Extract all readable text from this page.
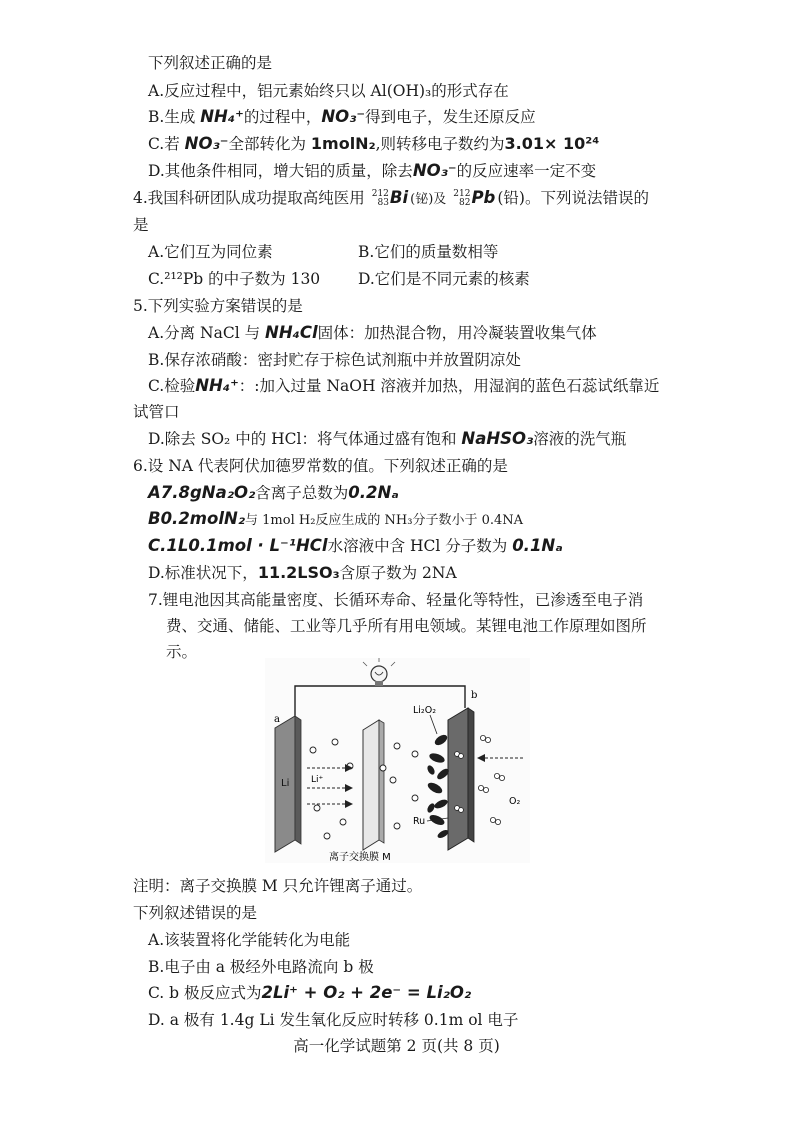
下列叙述正确的是
A.反应过程中，铝元素始终只以 Al(OH)₃的形式存在
B.生成 NH₄⁺的过程中，NO₃⁻得到电子，发生还原反应
C.若 NO₃⁻全部转化为 1molN₂,则转移电子数约为3.01× 10²⁴
D.其他条件相同，增大铝的质量，除去NO₃⁻的反应速率一定不变
4.我国科研团队成功提取高纯医用 212
83 Bi (铋)及 212
82 Pb (铅)。下列说法错误的
是
A.它们互为同位素	B.它们的质量数相等
C.²¹²Pb 的中子数为 130 D.它们是不同元素的核素
5.下列实验方案错误的是
A.分离 NaCl 与 NH₄Cl固体：加热混合物，用冷凝装置收集气体
B.保存浓硝酸：密封贮存于棕色试剂瓶中并放置阴凉处
C.检验NH₄⁺：:加入过量 NaOH 溶液并加热，用湿润的蓝色石蕊试纸靠近
试管口
D.除去 SO₂ 中的 HCl：将气体通过盛有饱和 NaHSO₃溶液的洗气瓶
6.设 NA 代表阿伏加德罗常数的值。下列叙述正确的是
A7.8gNa₂O₂含离子总数为0.2Nₐ
B0.2molN₂与 1mol H₂反应生成的 NH₃分子数小于 0.4NA
C.1L0.1mol · L⁻¹HCl水溶液中含 HCl 分子数为 0.1Nₐ
D.标准状况下，11.2LSO₃含原子数为 2NA
7.锂电池因其高能量密度、长循环寿命、轻量化等特性，已渗透至电子消
费、交通、储能、工业等几乎所有用电领域。某锂电池工作原理如图所
示。
a
Li
b
Li₂O₂
Ru
Li⁺
O₂
离子交换膜 M
注明：离子交换膜 M 只允许锂离子通过。
下列叙述错误的是
A.该装置将化学能转化为电能
B.电子由 a 极经外电路流向 b 极
C. b 极反应式为2Li⁺ + O₂ + 2e⁻ = Li₂O₂
D. a 极有 1.4g Li 发生氧化反应时转移 0.1m ol 电子
高一化学试题第 2 页(共 8 页)
